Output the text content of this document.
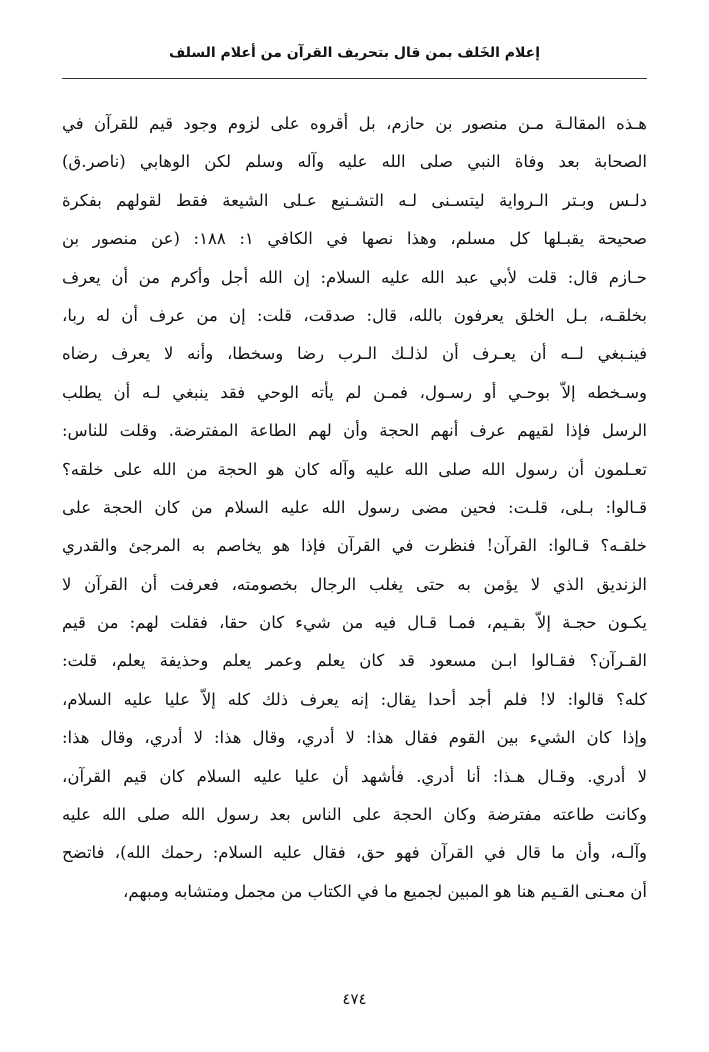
إعلام الخَلف بمن قال بتحريف القرآن من أعلام السلف
هـذه المقالـة مـن منصور بن حازم، بل أقروه على لزوم وجود قيم للقرآن في
الصحابة بعد وفاة النبي صلى الله عليه وآله وسلم لكن الوهابي (ناصر.ق)
دلـس وبـتر الـرواية ليتسـنى لـه التشـنيع عـلى الشيعة فقط لقولهم بفكرة
صحيحة يقبـلها كل مسلم، وهذا نصها في الكافي ١: ١٨٨: (عن منصور بن
حـازم قال: قلت لأبي عبد الله عليه السلام: إن الله أجل وأكرم من أن يعرف
بخلقـه، بـل الخلق يعرفون بالله، قال: صدقت، قلت: إن من عرف أن له ربا،
فينـبغي لــه أن يعـرف أن لذلـك الـرب رضا وسخطا، وأنه لا يعرف رضاه
وسـخطه إلاّ بوحـي أو رسـول، فمـن لم يأته الوحي فقد ينبغي لـه أن يطلب
الرسل فإذا لقيهم عرف أنهم الحجة وأن لهم الطاعة المفترضة. وقلت للناس:
تعـلمون أن رسول الله صلى الله عليه وآله كان هو الحجة من الله على خلقه؟
قـالوا: بـلى، قلـت: فحين مضى رسول الله عليه السلام من كان الحجة على
خلقـه؟ قـالوا: القرآن! فنظرت في القرآن فإذا هو يخاصم به المرجئ والقدري
الزنديق الذي لا يؤمن به حتى يغلب الرجال بخصومته، فعرفت أن القرآن لا
يكـون حجـة إلاّ بقـيم، فمـا قـال فيه من شيء كان حقا، فقلت لهم: من قيم
القـرآن؟ فقـالوا ابـن مسعود قد كان يعلم وعمر يعلم وحذيفة يعلم، قلت:
كله؟ قالوا: لا! فلم أجد أحدا يقال: إنه يعرف ذلك كله إلاّ عليا عليه السلام،
وإذا كان الشيء بين القوم فقال هذا: لا أدري، وقال هذا: لا أدري، وقال هذا:
لا أدري. وقـال هـذا: أنا أدري. فأشهد أن عليا عليه السلام كان قيم القرآن،
وكانت طاعته مفترضة وكان الحجة على الناس بعد رسول الله صلى الله عليه
وآلـه، وأن ما قال في القرآن فهو حق، فقال عليه السلام: رحمك الله)، فاتضح
أن معـنى القـيم هنا هو المبين لجميع ما في الكتاب من مجمل ومتشابه ومبهم،
٤٧٤
